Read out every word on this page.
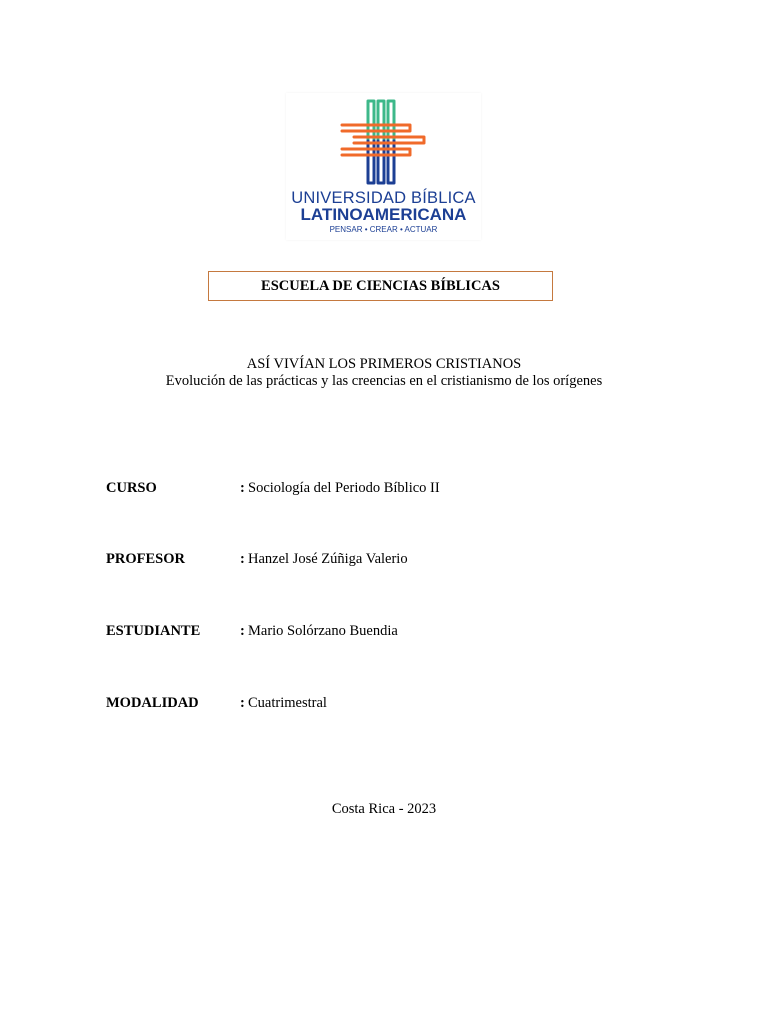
UNIVERSIDAD BÍBLICA
LATINOAMERICANA
PENSAR • CREAR • ACTUAR
ESCUELA DE CIENCIAS BÍBLICAS
ASÍ VIVÍAN LOS PRIMEROS CRISTIANOS
Evolución de las prácticas y las creencias en el cristianismo de los orígenes
CURSO	: Sociología del Periodo Bíblico II
PROFESOR	: Hanzel José Zúñiga Valerio
ESTUDIANTE	: Mario Solórzano Buendia
MODALIDAD	: Cuatrimestral
Costa Rica - 2023
